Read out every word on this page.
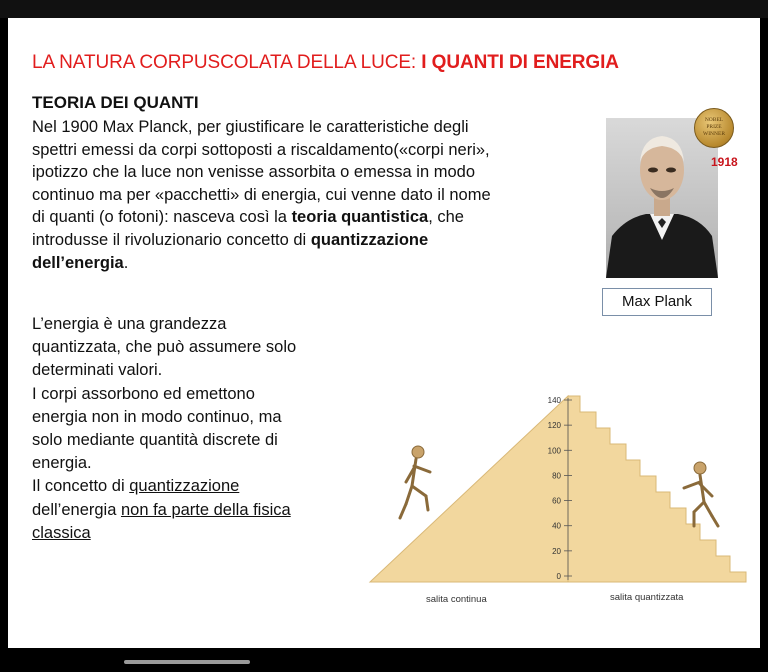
LA NATURA CORPUSCOLATA DELLA LUCE: I QUANTI DI ENERGIA
TEORIA DEI QUANTI

Nel 1900 Max Planck, per giustificare le caratteristiche degli

spettri emessi da corpi sottoposti a riscaldamento(«corpi neri»,

ipotizzo che la luce non venisse assorbita o emessa in modo

continuo ma per «pacchetti» di energia, cui venne dato il nome

di quanti (o fotoni): nasceva così la teoria quantistica, che

introdusse il rivoluzionario concetto di quantizzazione

dell’energia.

NOBEL
PRIZE
WINNER
1918
Max Plank

L’energia è una grandezza

quantizzata, che può assumere solo

determinati valori.

I corpi assorbono ed emettono

energia non in modo continuo, ma

solo mediante quantità discrete di

energia.

Il concetto di quantizzazione

dell’energia non fa parte della fisica

classica

140
120
100
80
60
40
20
0
salita continua	salita quantizzata
